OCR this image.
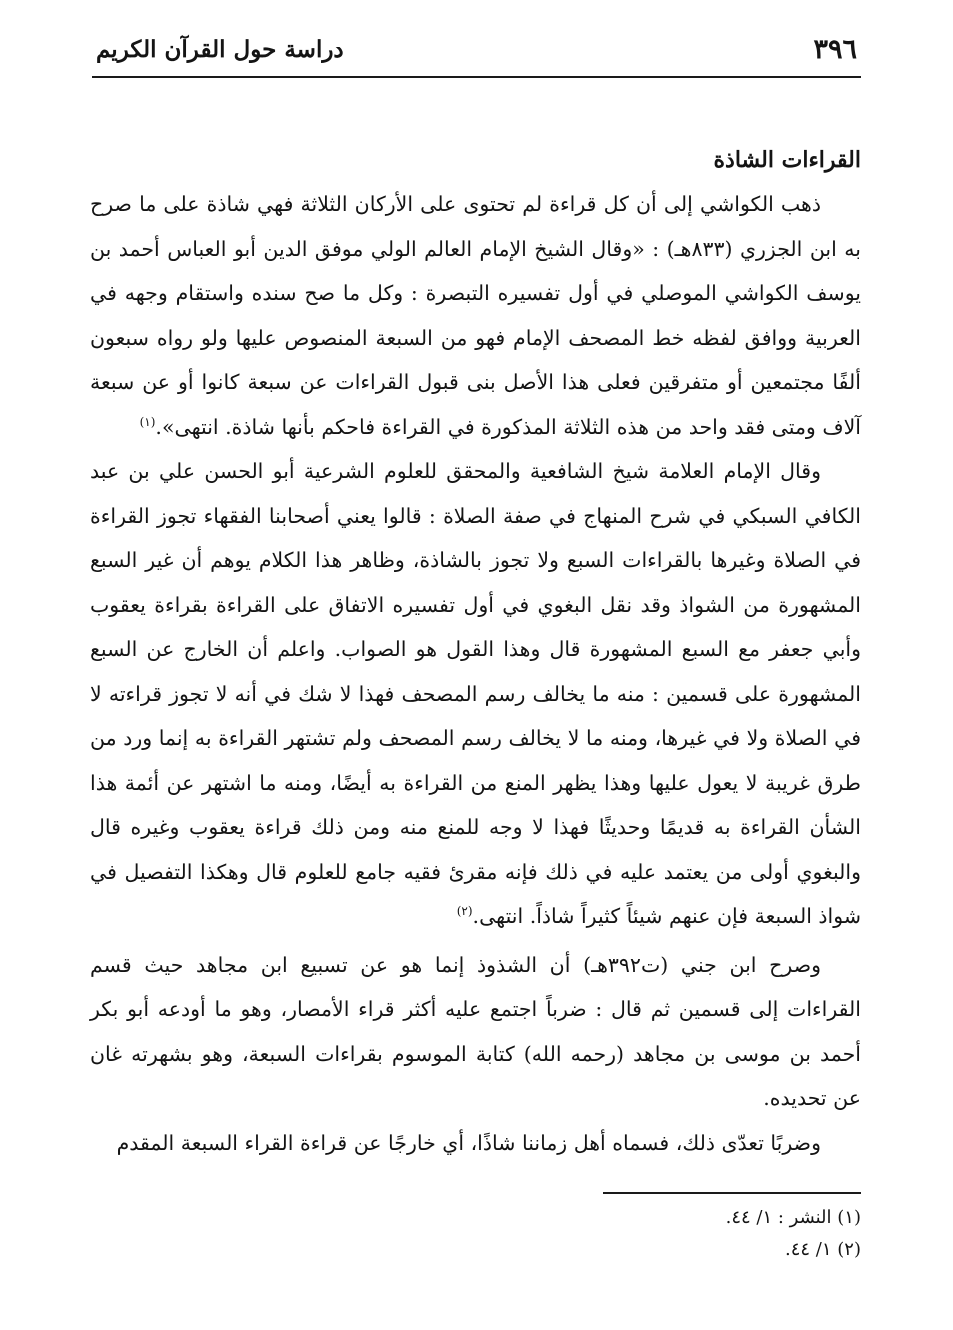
٣٩٦
دراسة حول القرآن الكريم
القراءات الشاذة

ذهب الكواشي إلى أن كل قراءة لم تحتوى على الأركان الثلاثة فهي شاذة على ما صرح به ابن الجزري (٨٣٣هـ) : «وقال الشيخ الإمام العالم الولي موفق الدين أبو العباس أحمد بن يوسف الكواشي الموصلي في أول تفسيره التبصرة : وكل ما صح سنده واستقام وجهه في العربية ووافق لفظه خط المصحف الإمام فهو من السبعة المنصوص عليها ولو رواه سبعون ألفًا مجتمعين أو متفرقين فعلى هذا الأصل بنى قبول القراءات عن سبعة كانوا أو عن سبعة آلاف ومتى فقد واحد من هذه الثلاثة المذكورة في القراءة فاحكم بأنها شاذة. انتهى».$^{(١)}$

وقال الإمام العلامة شيخ الشافعية والمحقق للعلوم الشرعية أبو الحسن علي بن عبد الكافي السبكي في شرح المنهاج في صفة الصلاة : قالوا يعني أصحابنا الفقهاء تجوز القراءة في الصلاة وغيرها بالقراءات السبع ولا تجوز بالشاذة، وظاهر هذا الكلام يوهم أن غير السبع المشهورة من الشواذ وقد نقل البغوي في أول تفسيره الاتفاق على القراءة بقراءة يعقوب وأبي جعفر مع السبع المشهورة قال وهذا القول هو الصواب. واعلم أن الخارج عن السبع المشهورة على قسمين : منه ما يخالف رسم المصحف فهذا لا شك في أنه لا تجوز قراءته لا في الصلاة ولا في غيرها، ومنه ما لا يخالف رسم المصحف ولم تشتهر القراءة به إنما ورد من طرق غريبة لا يعول عليها وهذا يظهر المنع من القراءة به أيضًا، ومنه ما اشتهر عن أئمة هذا الشأن القراءة به قديمًا وحديثًا فهذا لا وجه للمنع منه ومن ذلك قراءة يعقوب وغيره قال والبغوي أولى من يعتمد عليه في ذلك فإنه مقرئ فقيه جامع للعلوم قال وهكذا التفصيل في شواذ السبعة فإن عنهم شيئاً كثيراً شاذاً. انتهى.$^{(٢)}$

وصرح ابن جني (ت٣٩٢هـ) أن الشذوذ إنما هو عن تسبيع ابن مجاهد حيث قسم القراءات إلى قسمين ثم قال : ضرباً اجتمع عليه أكثر قراء الأمصار، وهو ما أودعه أبو بكر أحمد بن موسى بن مجاهد (رحمه الله) كتابة الموسوم بقراءات السبعة، وهو بشهرته غان عن تحديده.

وضربًا تعدّى ذلك، فسماه أهل زماننا شاذًا، أي خارجًا عن قراءة القراء السبعة المقدم

(١) النشر : ١/ ٤٤.

(٢) ١/ ٤٤.
